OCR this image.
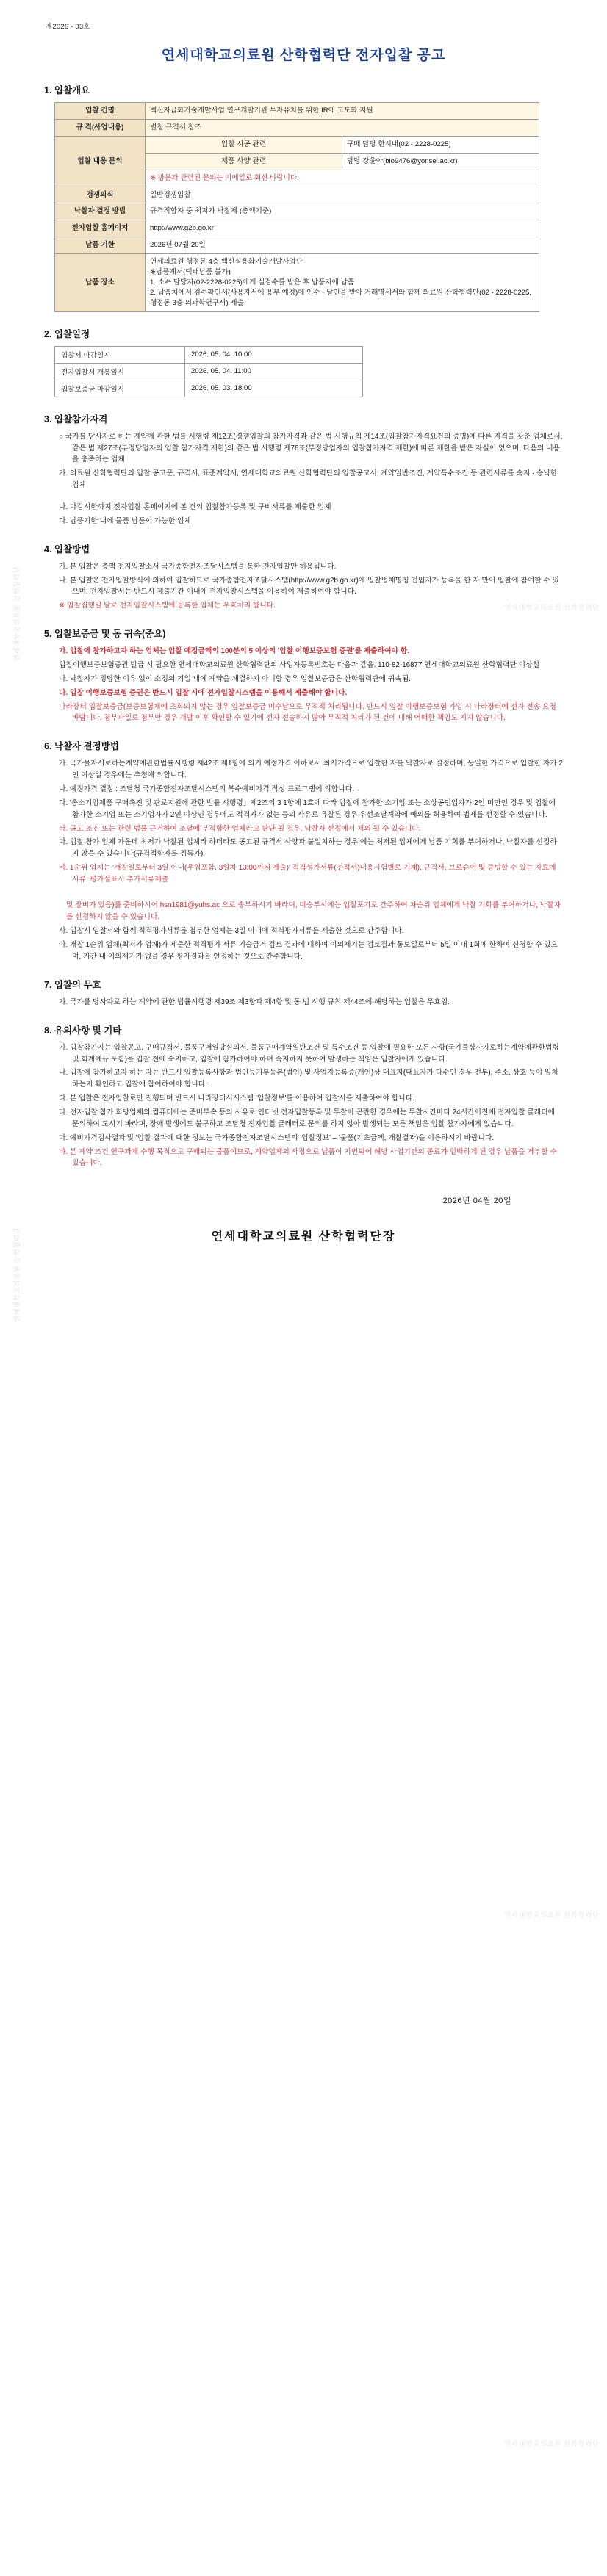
연세대학교의료원 산학협력단
연세대학교의료원 산학협력단
연세대학교의료원 산학협력단
연세대학교의료원 산학협력단
연세대학교의료원 산학협력단
제2026 - 03호
연세대학교의료원 산학협력단 전자입찰 공고
1. 입찰개요
입찰 건명	백신자급화기술개발사업 연구개발기관 투자유치를 위한 IR에 고도화 지원	
규 격(사업내용)	별첨 규격서 참조	
입찰 내용 문의	입찰 시공 관련	구매 담당 한시내(02 - 2228-0225)
	제품 사양 관련	담당 강윤아(bio9476@yonsei.ac.kr)
	※ 방문과 관련된 문의는 이메일로 회신 바랍니다.	
경쟁의식	일반경쟁입찰	
낙찰자 결정 방법	규격적합자 중 최저가 낙찰제 (총액기준)	
전자입찰 홈페이지	http://www.g2b.go.kr	
납품 기한	2026년 07월 20일	
납품 장소	연세의료원 행정동 4층 백신실용화기술개발사업단
※납품계서(택배납품 불가)
1. 소수 담당자(02-2228-0225)에게 실검수를 받은 후 납품자에 납품
2. 납품처에서 검수확인서(사용자서에 용부 예정)에 인수 · 날인을 받아 거래명세서와 함께 의료원 산학협력단(02 - 2228-0225, 행정동 3층 의과학연구서) 제출	
2. 입찰일정
입찰서 마감일시	2026. 05. 04. 10:00
전자입찰서 개봉일시	2026. 05. 04. 11:00
입찰보증금 마감일시	2026. 05. 03. 18:00
3. 입찰참가자격
○ 국가를 당사자로 하는 계약에 관한 법률 시행령 제12조(경쟁입찰의 참가자격과 같은 법 시행규칙 제14조(입찰참가자격요건의 증명)에 따른 자격을 갖춘 업체로서, 같은 법 제27조(부정당업자의 입찰 참가자격 제한)의 같은 법 시행령 제76조(부정당업자의 입찰참가자격 제한)에 따른 제한을 받은 자실이 없으며, 다음의 내용을 충족하는 업체
가. 의료원 산학협력단의 입찰 공고문, 규격서, 표준계약서, 연세대학교의료원 산학협력단의 입찰공고서, 계약일반조건, 계약특수조건 등 관련서류를 숙지 · 승낙한 업체
나. 마감시한까지 전자입찰 홈페이지에 본 건의 입찰참가등록 및 구비서류를 제출한 업체
다. 납품기한 내에 물품 납품이 가능한 업체
4. 입찰방법
가. 본 입찰은 총액 전자입찰소서 국가종합전자조달시스템을 통한 전자입찰만 허용됩니다.
나. 본 입찰은 전자입찰방식에 의하여 입찰하므로 국가종합전자조달시스템(http://www.g2b.go.kr)에 입찰업체명칭 전입자가 등록을 한 자 만이 입찰에 참여할 수 있으며, 전자입찰서는 반드시 제출기간 이내에 전자입찰시스템을 이용하여 제출하여야 합니다.
※ 입찰집행일 날로 전자입찰시스템에 등록한 업체는 우효처리 합니다.
5. 입찰보증금 및 동 귀속(중요)
가. 입찰에 참가하고자 하는 업체는 입찰 예정금액의 100분의 5 이상의 '입찰 이행보증보험 증권'를 제출하여야 함.
입찰이행보증보험증권 발급 시 필요한 연세대학교의료원 산학협력단의 사업자등록번호는 다음과 같음. 110-82-16877 연세대학교의료원 산학협력단 이상철
나. 낙찰자가 정당한 이유 없이 소정의 기일 내에 계약을 체결하지 아니할 경우 입찰보증금은 산학협력단에 귀속됨.
다. 입찰 이행보증보험 증권은 반드시 입찰 시에 전자입찰시스템을 이용해서 제출해야 합니다.
나라장터 입찰보증금(보증보험채에 초회되지 않는 경우 입찰보증금 미수납으로 무적적 처리됩니다. 반드시 입찰 이행보증보험 가입 시 나라장터에 전자 전송 요청 바랍니다. 첨부파일로 첨부만 경우 개발 이후 확인할 수 있기에 전자 전송하지 않아 무적적 처리가 된 건에 대해 어떠한 책임도 지지 않습니다.
6. 낙찰자 결정방법
가. 국가물자서로하는계약에관한법률시행령 제42조 제1항에 의거 예정가격 이하로서 최저가격으로 입찰한 자를 낙찰자로 결정하며, 동일한 가격으로 입찰한 자가 2인 이상일 경우에는 추첨에 의합니다.
나. 예정가격 결정 : 조달청 국가종합전자조달시스템의 복수예비가격 작성 프로그램에 의합니다.
다. '총소기업제품 구매촉진 및 판로지원에 관한 법률 시행령」제2조의 3 1항에 1호에 따라 입찰에 참가한 소기업 또는 소상공인업자가 2인 미만인 경우 및 입찰에 참가한 소기업 또는 소기업자가 2인 이상인 경우에도 적격자가 없는 등의 사유로 유찰된 경우 우선조달계약에 예외를 허용하여 법제를 선정할 수 있습니다.
라. 공고 조건 또는 관련 법률 근거하여 조달에 부적합한 업체라고 판단 될 경우, 낙찰자 선정에서 제외 될 수 있습니다.
마. 입찰 참가 업체 가운데 최저가 낙찰된 업체라 하더라도 공고된 규격서 사양과 불일치하는 경우 에는 최저된 업체에게 납품 기회를 부여하거나, 낙찰자를 선정하지 않을 수 있습니다(규격적합자를 취득가).
바. 1순위 업체는 '개찰일로부터 3일 이내(우업포함. 3일차 13:00까지 제출)' 적격성가서류(견적서)내용시험별로 기재), 규격서, 브로슈어 및 증빙할 수 있는 자료에 서류, 평가설표시 추가서류제출
및 장비가 있음)를 준비하시어 hsn1981@yuhs.ac 으로 송부하시기 바라며, 미승부시에는 입찰포기로 간주하여 차순위 업체에게 낙찰 기회를 부여하거나, 낙찰자를 선정하지 않을 수 있습니다.
사. 입찰시 입찰서와 함께 적격평가서류를 첨부한 업체는 3일 이내에 적격평가서류를 제출한 것으로 간주합니다.
아. 개찰 1순위 업체(최저가 업체)가 제출한 적격평가 서류 기술금거 검토 결과에 대하여 이의제기는 검토결과 통보일로부터 5일 이내 1회에 한하여 신청할 수 있으며, 기간 내 이의제기가 없을 경우 평가결과를 인정하는 것으로 간주합니다.
7. 입찰의 무효
가. 국가를 당사자로 하는 계약에 관한 법률시행령 제39조 제3항과 제4항 및 동 법 시행 규칙 제44조에 해당하는 입찰은 무효임.
8. 유의사항 및 기타
가. 입찰참가자는 입찰공고, 구매규격서, 물품구매일당심의서, 물품구매계약일반조건 및 특수조건 등 입찰에 필요한 모든 사항(국가물상사자로하는계약에관한법령 및 회계예규 포함)을 입찰 전에 숙지하고, 입찰에 참가하여야 하며 숙지하지 못하여 발생하는 책임은 입찰자에게 있습니다.
나. 입찰에 참가하고자 하는 자는 반드시 입찰등록사항과 법인등기부등본(법인) 및 사업자등록증(개인)상 대표자(대표자가 다수인 경우 전부), 주소, 상호 등이 일치하는지 확인하고 입찰에 참여하여야 합니다.
다. 본 입찰은 전자입찰로만 진행되며 반드시 나라장터서시스템 '입찰정보'를 이용하여 입찰서를 제출하여야 합니다.
라. 전자입찰 참가 희망업체의 컴퓨터에는 준비부속 등의 사유로 인터넷 전자입찰등록 및 투찰이 곤란한 경우에는 투찰시간마다 24시간이전에 전자입찰 클레터에 문의하여 도시기 바라며, 장애 발생에도 불구하고 조달청 전자입찰 클레터로 문의를 하지 않아 발생되는 모든 책임은 입찰 참가자에게 있습니다.
마. 예비가격검사결과'및 '입찰 결과에 대한 정보는 국가종합전자조달시스템의 '입찰정보' – '물품(기초금액, 개찰결과)을 이용하시기 바랍니다.
바. 본 계약 조건 연구과제 수행 목적으로 구매되는 물품이므로, 계약업체의 사정으로 납품이 지연되어 해당 사업기간의 종료가 임박하게 된 경우 납품을 거부할 수 있습니다.
2026년 04월 20일
연세대학교의료원 산학협력단장
